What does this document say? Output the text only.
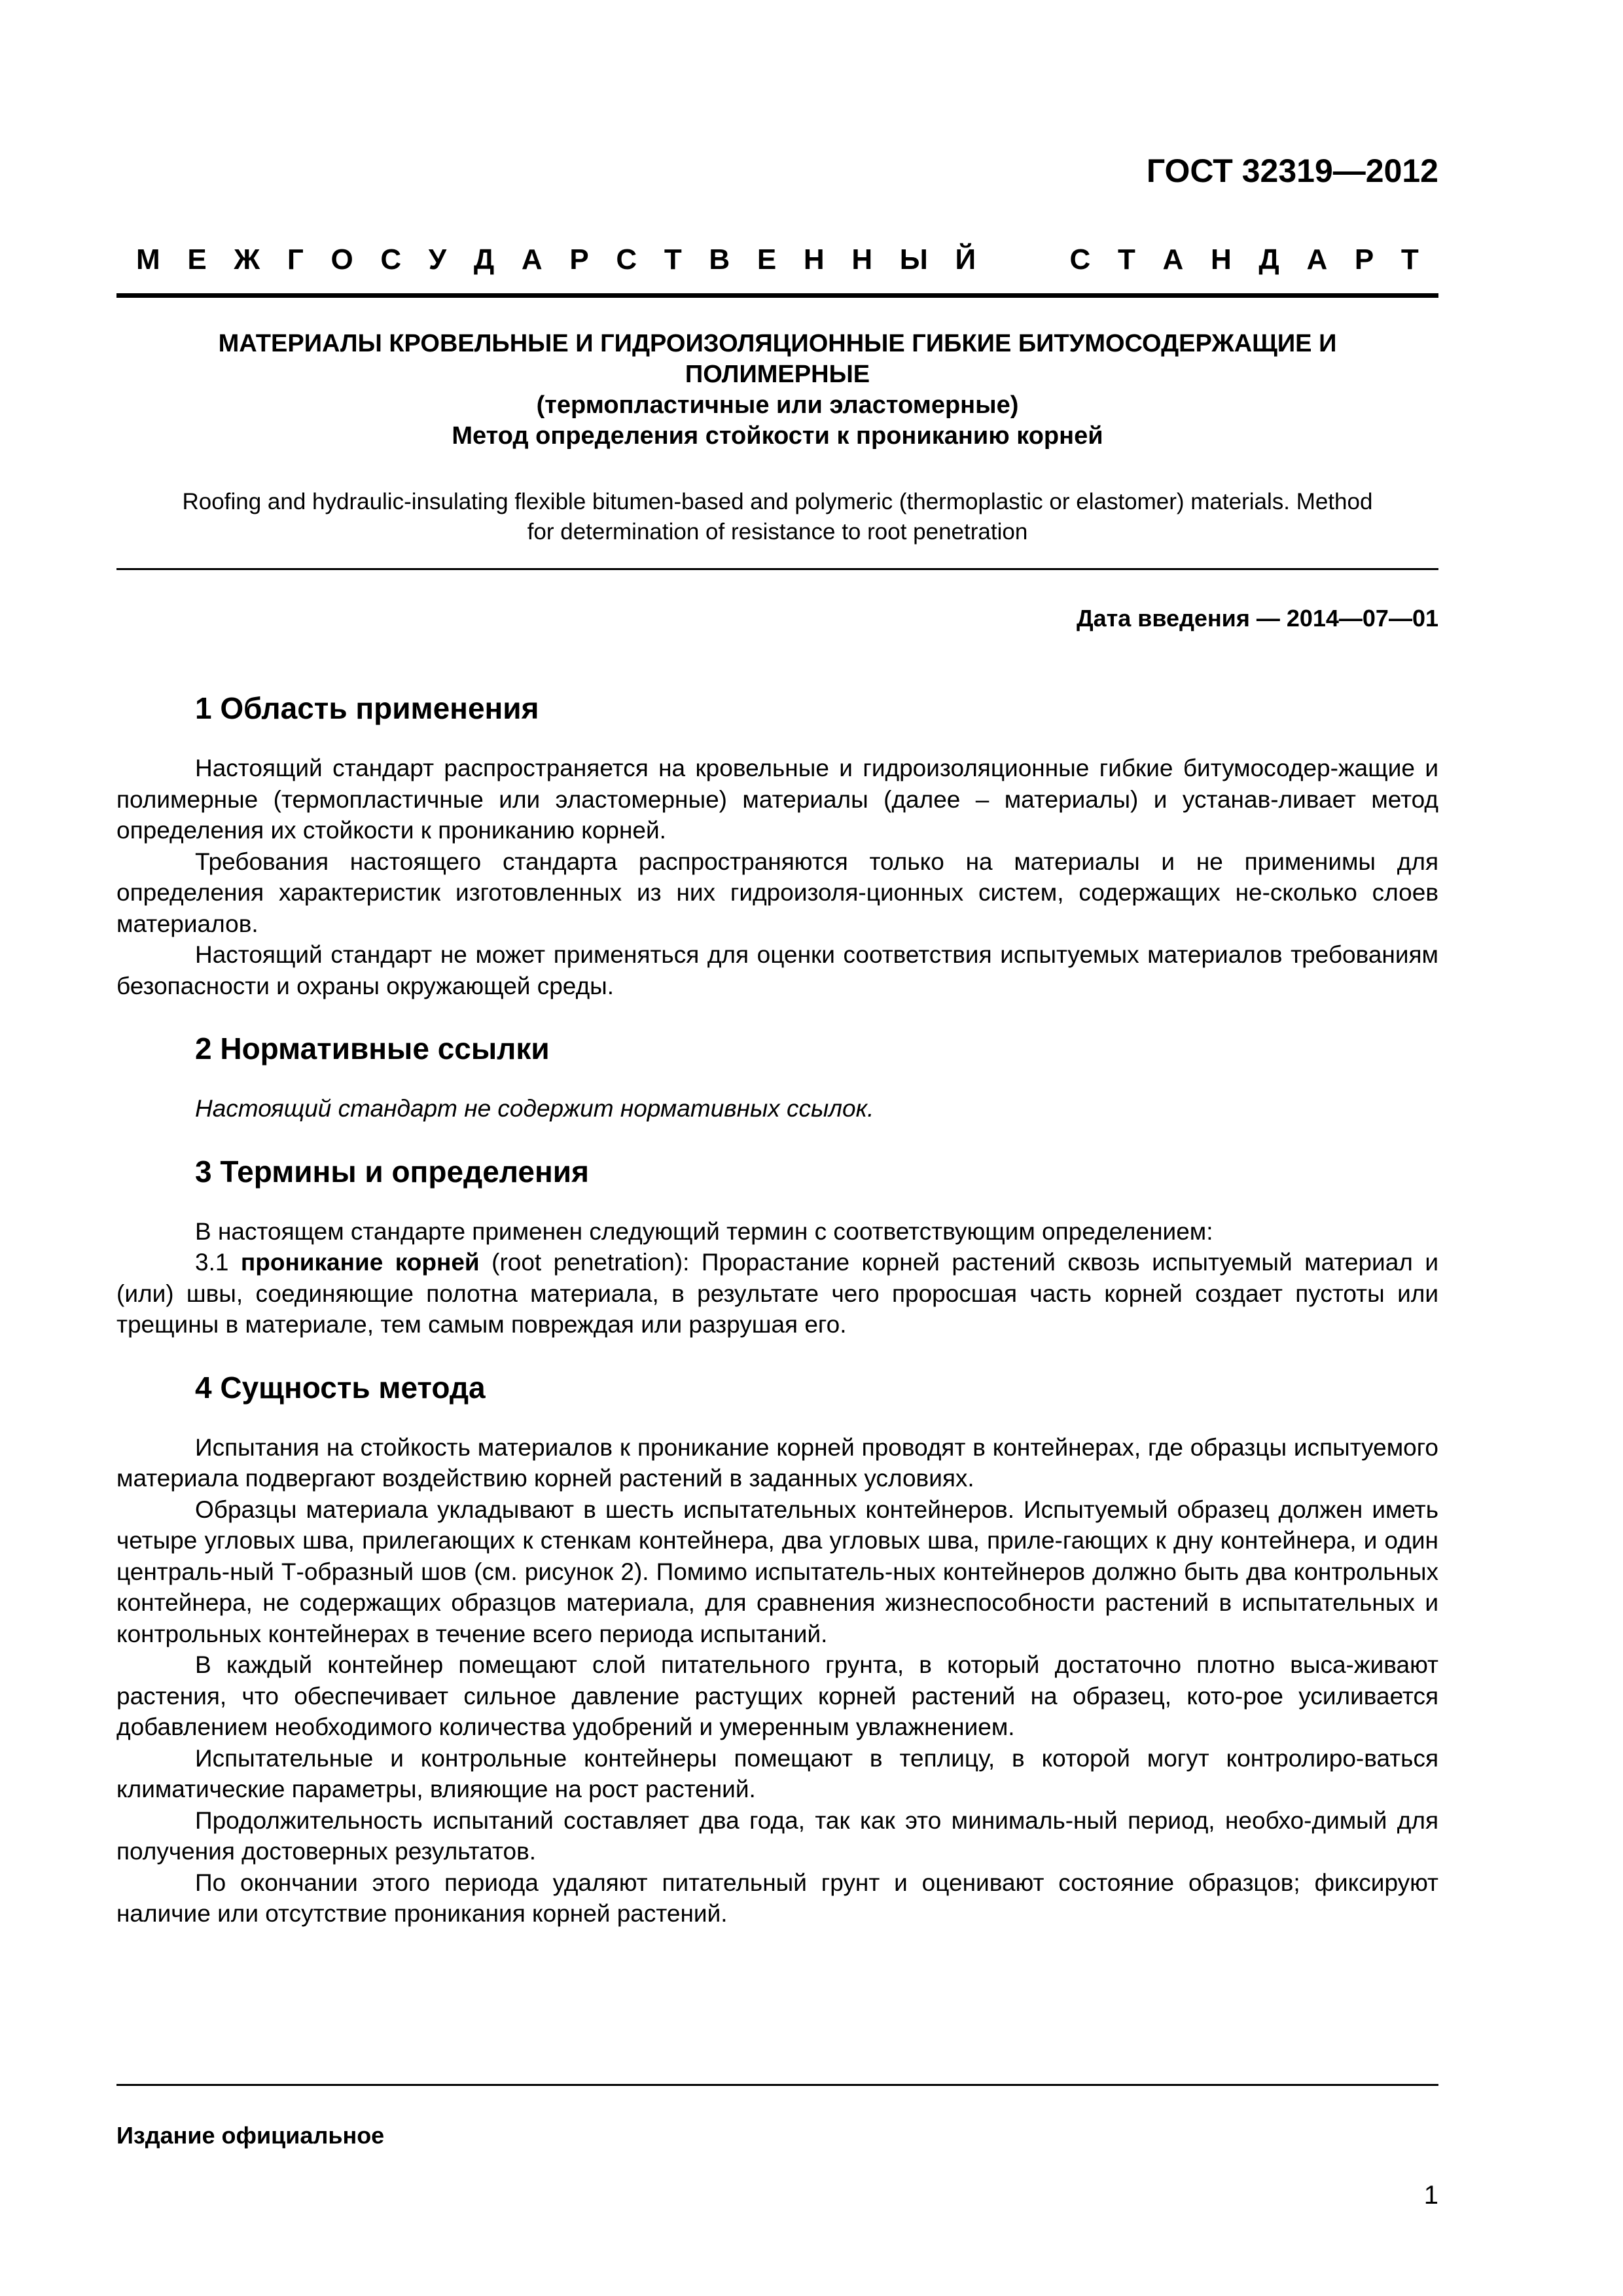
ГОСТ 32319—2012

М Е Ж Г О С У Д А Р С Т В Е Н Н Ы Й	С Т А Н Д А Р Т

МАТЕРИАЛЫ КРОВЕЛЬНЫЕ И ГИДРОИЗОЛЯЦИОННЫЕ ГИБКИЕ БИТУМОСОДЕРЖАЩИЕ И

ПОЛИМЕРНЫЕ

(термопластичные или эластомерные)

Метод определения стойкости к прониканию корней

Roofing and hydraulic-insulating flexible bitumen-based and polymeric (thermoplastic or elastomer) materials. Method

for determination of resistance to root penetration

Дата введения — 2014—07—01

1 Область применения

Настоящий стандарт распространяется на кровельные и гидроизоляционные гибкие битумосодер-жащие и полимерные (термопластичные или эластомерные) материалы (далее – материалы) и устанав-ливает метод определения их стойкости к прониканию корней.

Требования настоящего стандарта распространяются только на материалы и не применимы для определения характеристик изготовленных из них гидроизоля-ционных систем, содержащих не-сколько слоев материалов.

Настоящий стандарт не может применяться для оценки соответствия испытуемых материалов требованиям безопасности и охраны окружающей среды.

2 Нормативные ссылки

Настоящий стандарт не содержит нормативных ссылок.

3 Термины и определения

В настоящем стандарте применен следующий термин с соответствующим определением:

3.1 проникание корней (root penetration): Прорастание корней растений сквозь испытуемый материал и (или) швы, соединяющие полотна материала, в результате чего проросшая часть корней создает пустоты или трещины в материале, тем самым повреждая или разрушая его.

4 Сущность метода

Испытания на стойкость материалов к проникание корней проводят в контейнерах, где образцы испытуемого материала подвергают воздействию корней растений в заданных условиях.

Образцы материала укладывают в шесть испытательных контейнеров. Испытуемый образец должен иметь четыре угловых шва, прилегающих к стенкам контейнера, два угловых шва, приле-гающих к дну контейнера, и один централь-ный Т-образный шов (см. рисунок 2). Помимо испытатель-ных контейнеров должно быть два контрольных контейнера, не содержащих образцов материала, для сравнения жизнеспособности растений в испытательных и контрольных контейнерах в течение всего периода испытаний.

В каждый контейнер помещают слой питательного грунта, в который достаточно плотно выса-живают растения, что обеспечивает сильное давление растущих корней растений на образец, кото-рое усиливается добавлением необходимого количества удобрений и умеренным увлажнением.

Испытательные и контрольные контейнеры помещают в теплицу, в которой могут контролиро-ваться климатические параметры, влияющие на рост растений.

Продолжительность испытаний составляет два года, так как это минималь-ный период, необхо-димый для получения достоверных результатов.

По окончании этого периода удаляют питательный грунт и оценивают состояние образцов; фиксируют наличие или отсутствие проникания корней растений.

Издание официальное

1
